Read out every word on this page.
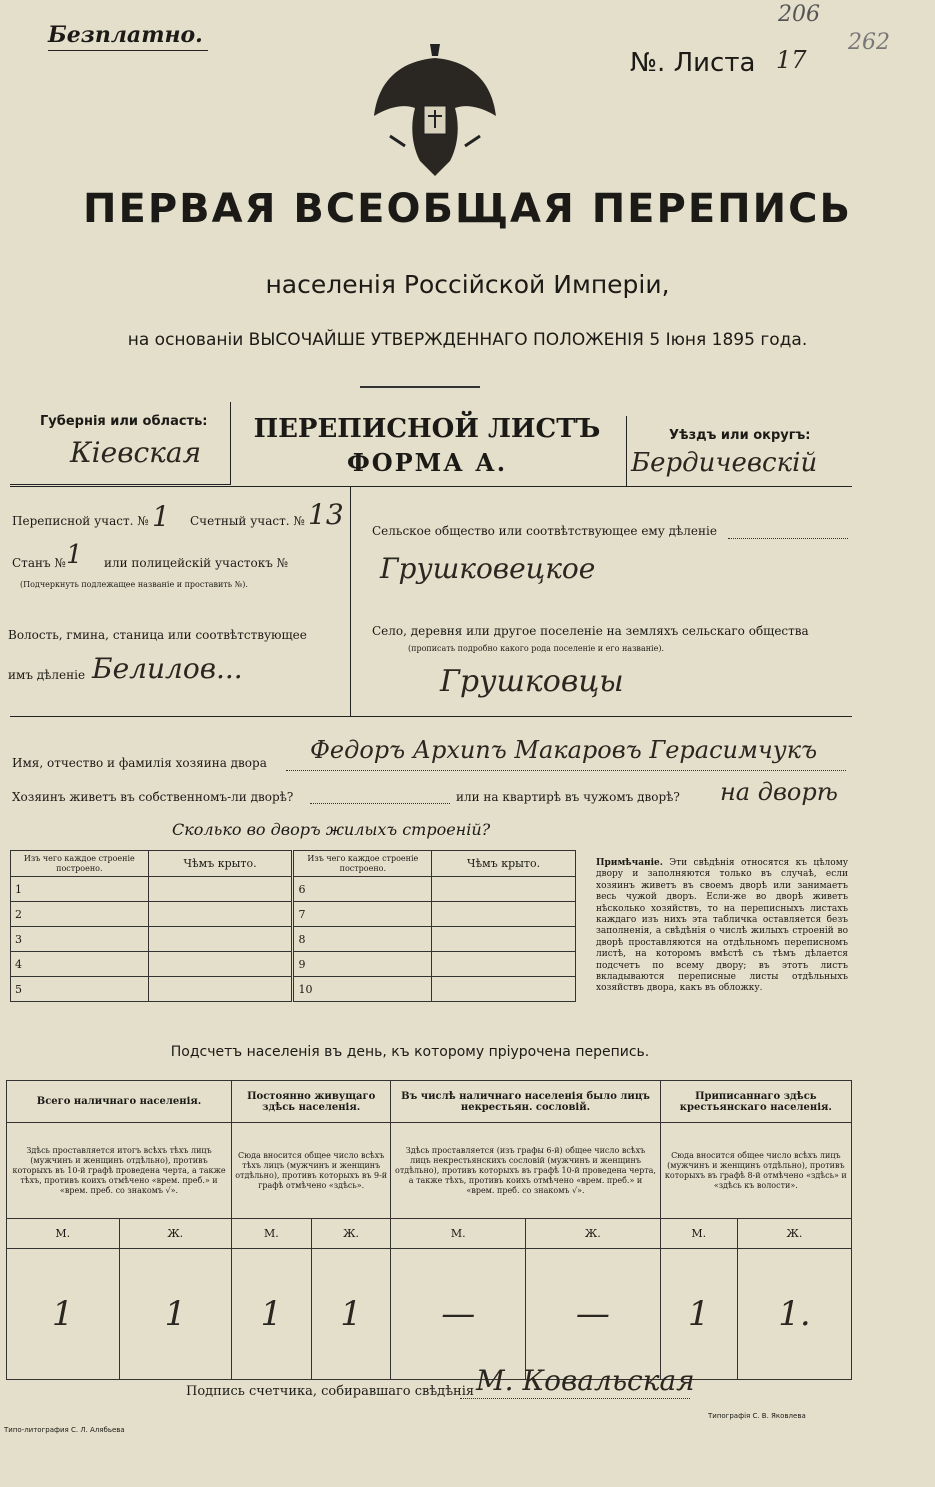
Безплатно.
№. Листа 17
206
262
ПЕРВАЯ ВСЕОБЩАЯ ПЕРЕПИСЬ
населенія Россійской Имперіи,
на основаніи ВЫСОЧАЙШЕ УТВЕРЖДЕННАГО ПОЛОЖЕНІЯ 5 Іюня 1895 года.
Губернія или область:
Кіевская
ПЕРЕПИСНОЙ ЛИСТЪ
ФОРМА А.
Уѣздъ или округъ:
Бердичевскій
Переписной участ. № 1 Счетный участ. № 13
Станъ № 1 или полицейскій участокъ №
(Подчеркнуть подлежащее названіе и проставить №).
Волость, гмина, станица или соотвѣтствующее
имъ дѣленіе Белилов...
Сельское общество или соотвѣтствующее ему дѣленіе
Грушковецкое
Село, деревня или другое поселеніе на земляхъ сельскаго общества
(прописать подробно какого рода поселеніе и его названіе).
Грушковцы
Имя, отчество и фамилія хозяина двора Федоръ Архипъ Макаровъ Герасимчукъ
Хозяинъ живетъ въ собственномъ-ли дворѣ?	или на квартирѣ въ чужомъ дворѣ? на дворѣ
Сколько во дворъ жилыхъ строеній?
Изъ чего каждое строеніе построено.	Чѣмъ крыто.	Изъ чего каждое строеніе построено.	Чѣмъ крыто.
1		6	
2		7	
3		8	
4		9	
5		10	
Примѣчаніе. Эти свѣдѣнія относятся къ цѣлому двору и заполняются только въ случаѣ, если хозяинъ живетъ въ своемъ дворѣ или занимаетъ весь чужой дворъ. Если-же во дворѣ живетъ нѣсколько хозяйствъ, то на переписныхъ листахъ каждаго изъ нихъ эта табличка оставляется безъ заполненія, а свѣдѣнія о числѣ жилыхъ строеній во дворѣ проставляются на отдѣльномъ переписномъ листѣ, на которомъ вмѣстѣ съ тѣмъ дѣлается подсчетъ по всему двору; въ этотъ листъ вкладываются переписные листы отдѣльныхъ хозяйствъ двора, какъ въ обложку.
Подсчетъ населенія въ день, къ которому пріурочена перепись.
Всего наличнаго населенія.		Постоянно живущаго здѣсь населенія.		Въ числѣ наличнаго населенія было лицъ некрестьян. сословій.		Приписаннаго здѣсь крестьянскаго населенія.	
Здѣсь проставляется итогъ всѣхъ тѣхъ лицъ (мужчинъ и женщинъ отдѣльно), противъ которыхъ въ 10-й графѣ проведена черта, а также тѣхъ, противъ коихъ отмѣчено «врем. преб.» и «врем. преб. со знакомъ √».		Сюда вносится общее число всѣхъ тѣхъ лицъ (мужчинъ и женщинъ отдѣльно), противъ которыхъ въ 9-й графѣ отмѣчено «здѣсь».		Здѣсь проставляется (изъ графы 6-й) общее число всѣхъ лицъ некрестьянскихъ сословій (мужчинъ и женщинъ отдѣльно), противъ которыхъ въ графѣ 10-й проведена черта, а также тѣхъ, противъ коихъ отмѣчено «врем. преб.» и «врем. преб. со знакомъ √».		Сюда вносится общее число всѣхъ лицъ (мужчинъ и женщинъ отдѣльно), противъ которыхъ въ графѣ 8-й отмѣчено «здѣсь» и «здѣсь къ волости».	
М.	Ж.	М.	Ж.	М.	Ж.	М.	Ж.
1	1	1	1	—	—	1	1.
Подпись счетчика, собиравшаго свѣдѣнія М. Ковальская
Типо-литография С. Л. Алябьева
Типографія С. В. Яковлева
